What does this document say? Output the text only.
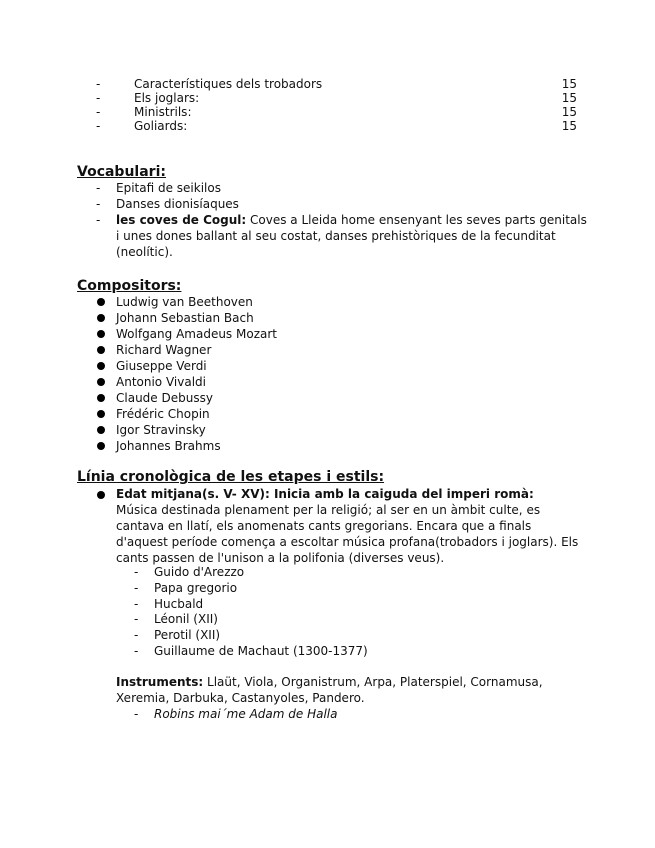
-	Característiques dels trobadors	15
-	Els joglars:	15
-	Ministrils:	15
-	Goliards:	15
Vocabulari:
- Epitafi de seikilos
- Danses dionisíaques
- les coves de Cogul: Coves a Lleida home ensenyant les seves parts genitals
i unes dones ballant al seu costat, danses prehistòriques de la fecunditat
(neolític).
Compositors:
Ludwig van Beethoven
Johann Sebastian Bach
Wolfgang Amadeus Mozart
Richard Wagner
Giuseppe Verdi
Antonio Vivaldi
Claude Debussy
Frédéric Chopin
Igor Stravinsky
Johannes Brahms
Línia cronològica de les etapes i estils:
Edat mitjana(s. V- XV): Inicia amb la caiguda del imperi romà:
Música destinada plenament per la religió; al ser en un àmbit culte, es
cantava en llatí, els anomenats cants gregorians. Encara que a finals
d'aquest període comença a escoltar música profana(trobadors i joglars). Els
cants passen de l'unison a la polifonia (diverses veus).
- Guido d'Arezzo
- Papa gregorio
- Hucbald
- Léonil (XII)
- Perotil (XII)
- Guillaume de Machaut (1300-1377)
Instruments: Llaüt, Viola, Organistrum, Arpa, Platerspiel, Cornamusa,
Xeremia, Darbuka, Castanyoles, Pandero.
- Robins mai´me Adam de Halla
